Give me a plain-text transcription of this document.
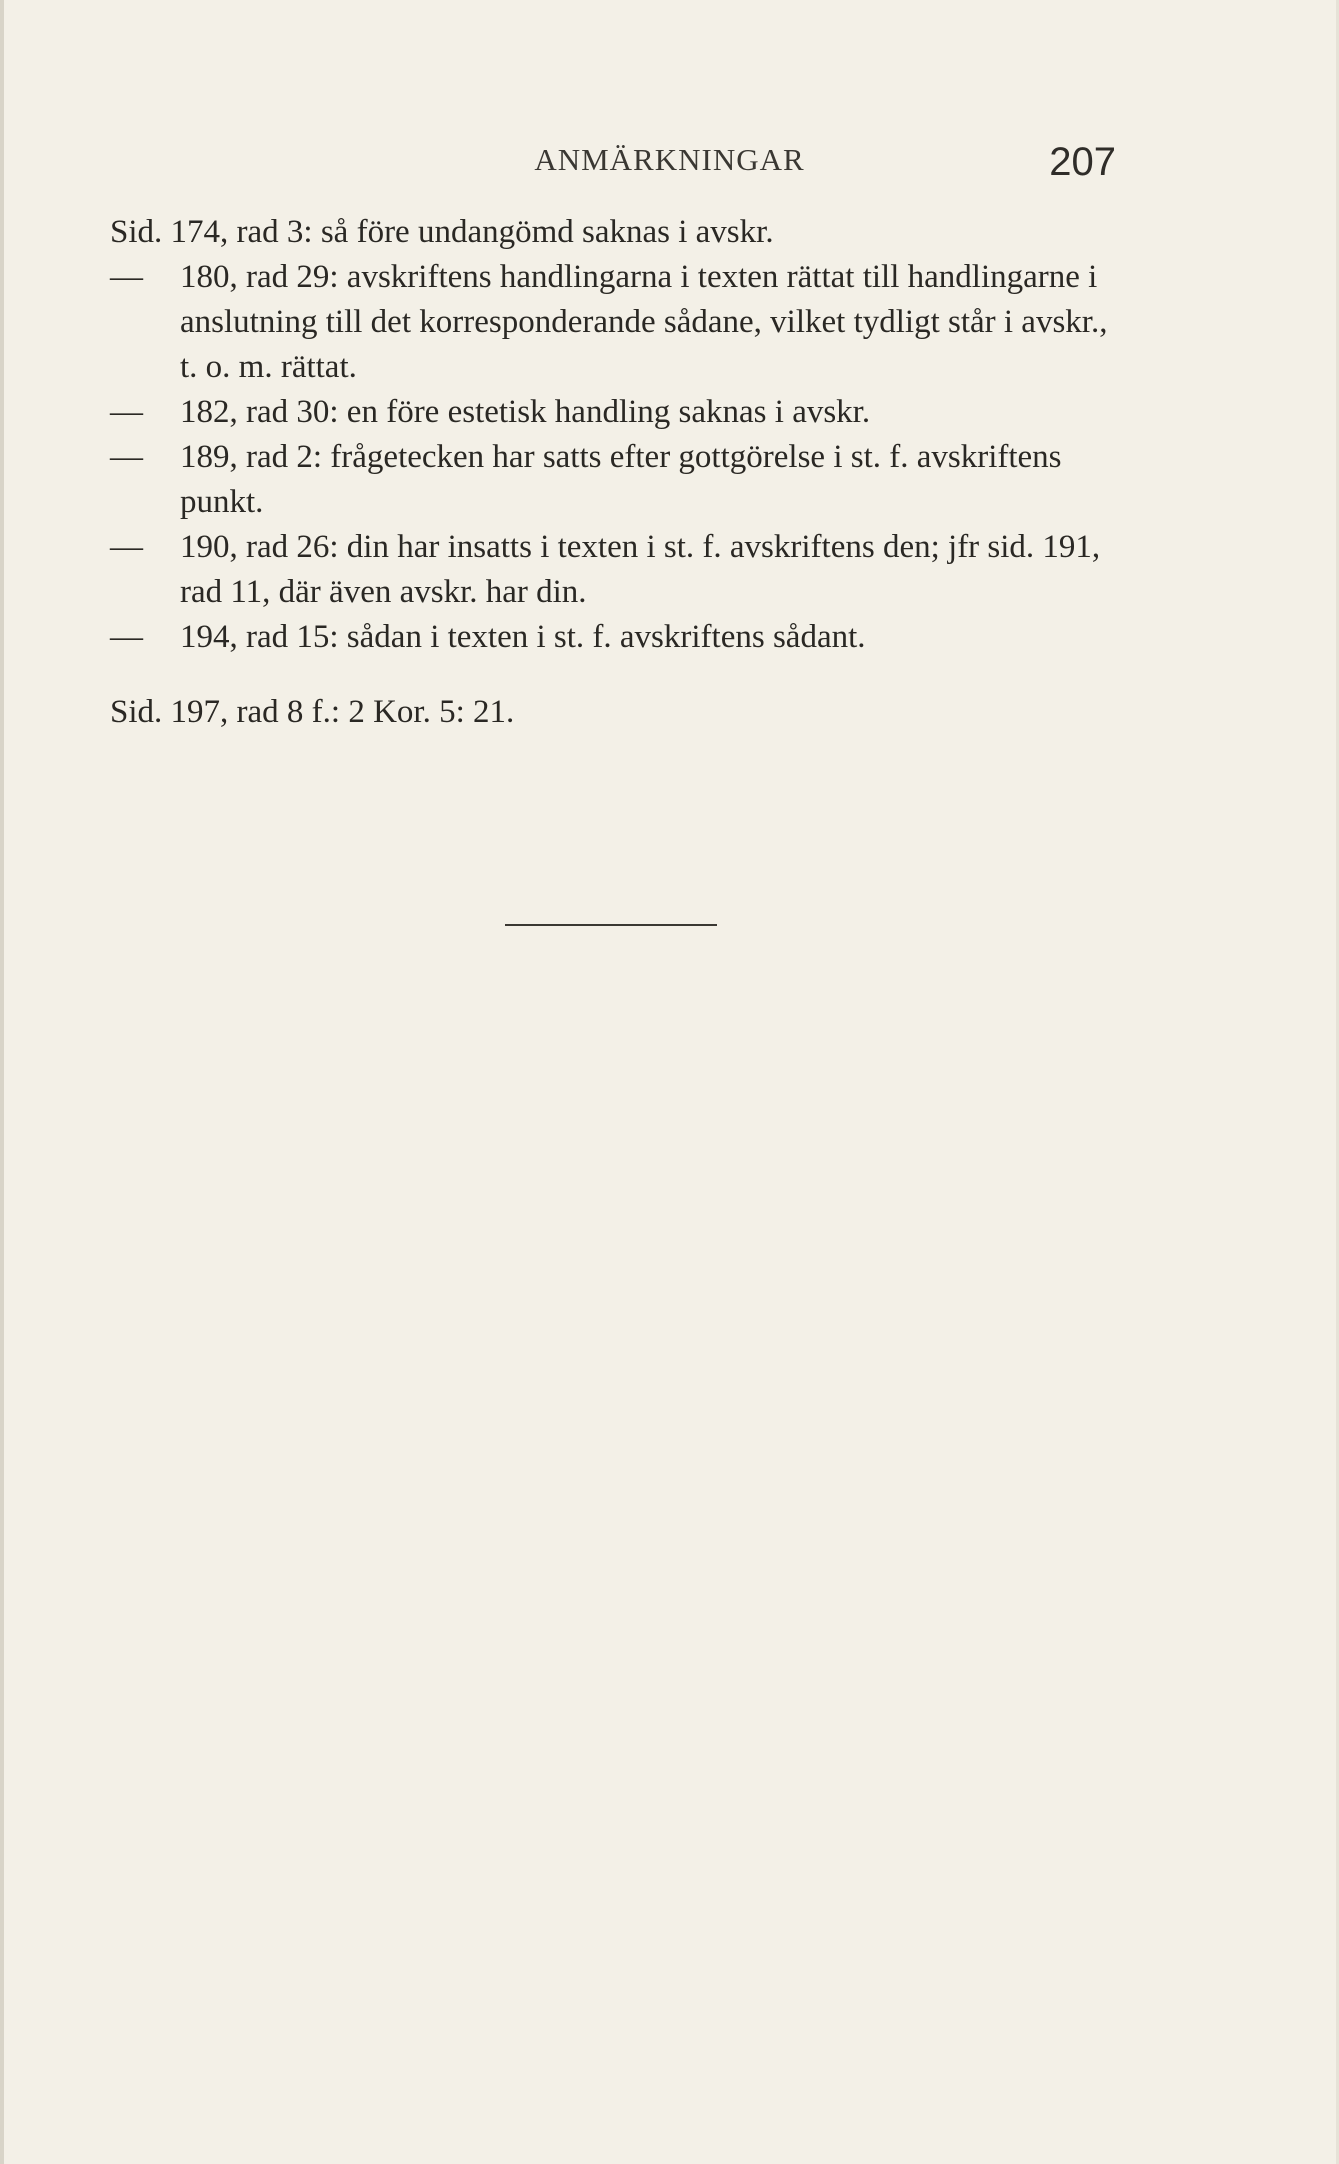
ANMÄRKNINGAR	207
Sid. 174, rad 3: så före undangömd saknas i avskr.
—	180, rad 29: avskriftens handlingarna i texten rättat till handlingarne i anslutning till det korresponderande sådane, vilket tydligt står i avskr., t. o. m. rättat.
—	182, rad 30: en före estetisk handling saknas i avskr.
—	189, rad 2: frågetecken har satts efter gottgörelse i st. f. avskriftens punkt.
—	190, rad 26: din har insatts i texten i st. f. avskriftens den; jfr sid. 191, rad 11, där även avskr. har din.
—	194, rad 15: sådan i texten i st. f. avskriftens sådant.
Sid. 197, rad 8 f.: 2 Kor. 5: 21.
